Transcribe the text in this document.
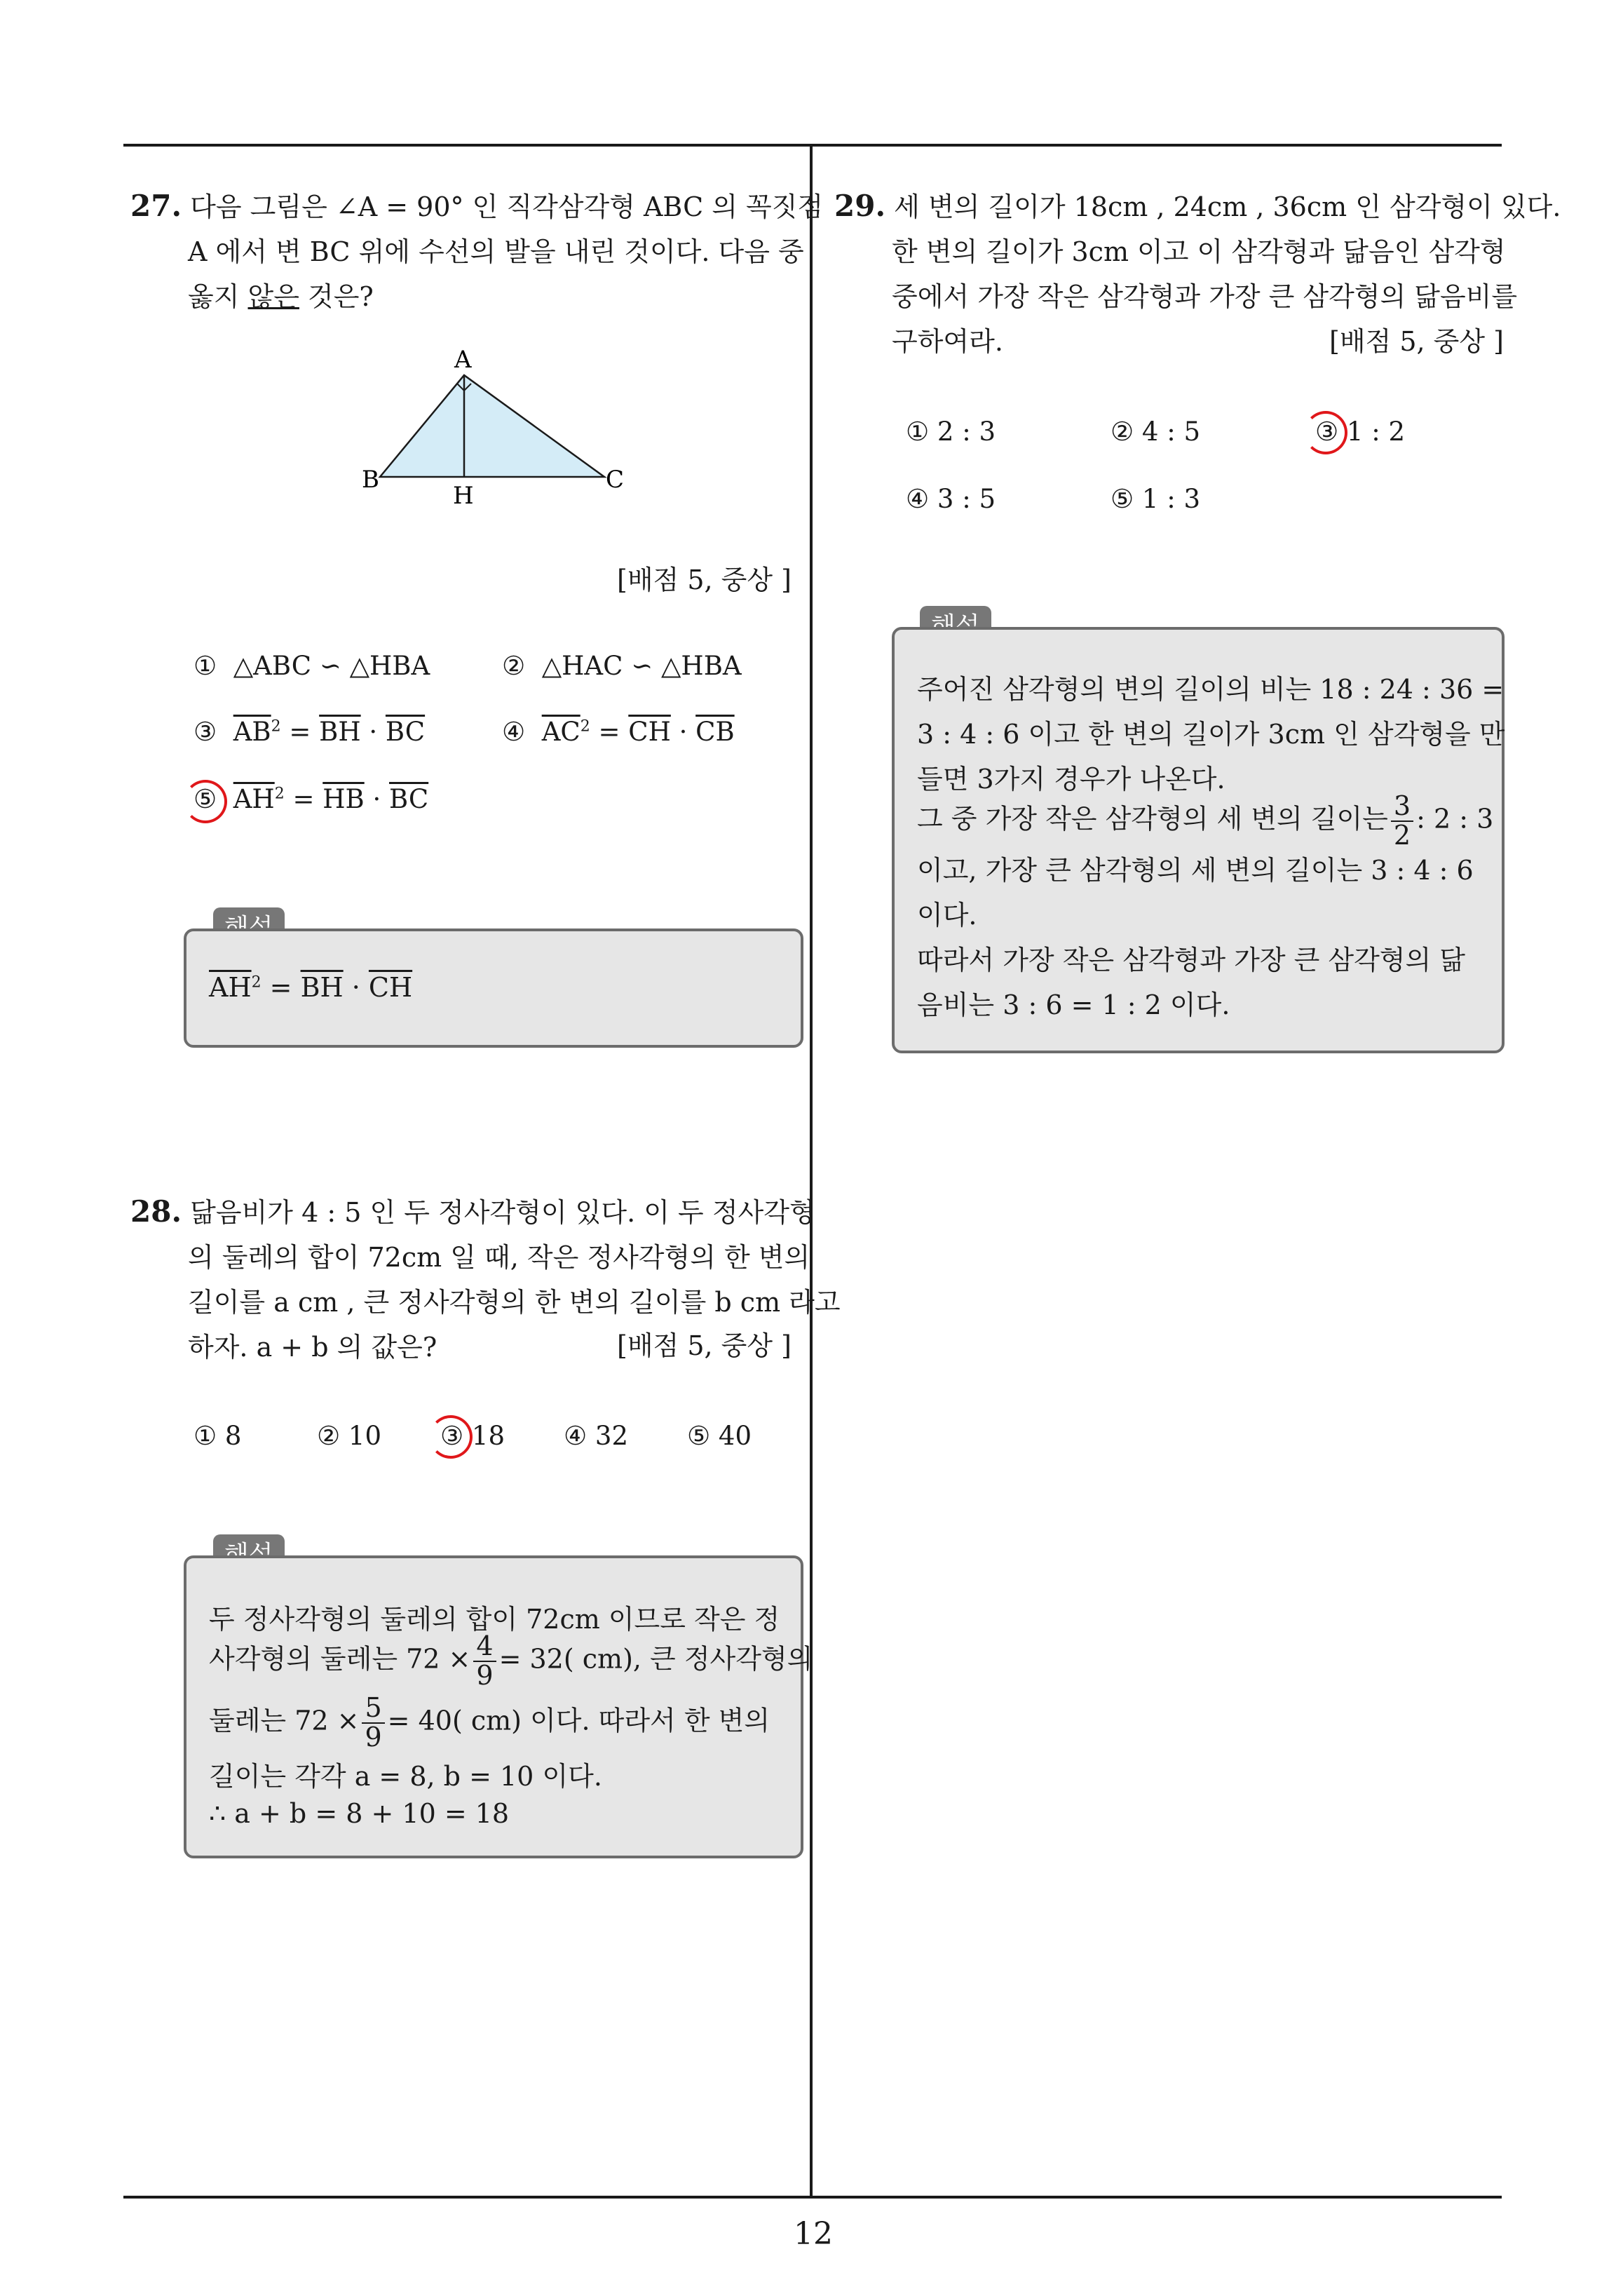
27. 다음 그림은 ∠A = 90° 인 직각삼각형 ABC 의 꼭짓점
A 에서 변 BC 위에 수선의 발을 내린 것이다. 다음 중
옳지 않은 것은?
A
B	C
H
[배점 5, 중상 ]
① △ABC ∽ △HBA	② △HAC ∽ △HBA
③ $\overline{AB}^2 = \overline{BH} \cdot \overline{BC}$	④ $\overline{AC}^2 = \overline{CH} \cdot \overline{CB}$
⑤ $\overline{AH}^2 = \overline{HB} \cdot \overline{BC}$
$\overline{AH}^2 = \overline{BH} \cdot \overline{CH}$
28. 닮음비가 4 : 5 인 두 정사각형이 있다. 이 두 정사각형
의 둘레의 합이 72cm 일 때, 작은 정사각형의 한 변의
길이를 a cm , 큰 정사각형의 한 변의 길이를 b cm 라고
하자. a + b 의 값은?	[배점 5, 중상 ]
① 8	② 10 ③ 18 ④ 32 ⑤ 40
두 정사각형의 둘레의 합이 72cm 이므로 작은 정
사각형의 둘레는 $72 \times \frac{4}{9} = 32$( cm), 큰 정사각형의
둘레는 $72 \times \frac{5}{9} = 40$( cm) 이다. 따라서 한 변의
길이는 각각 a = 8, b = 10 이다.
∴ a + b = 8 + 10 = 18
29. 세 변의 길이가 18cm , 24cm , 36cm 인 삼각형이 있다.
한 변의 길이가 3cm 이고 이 삼각형과 닮음인 삼각형
중에서 가장 작은 삼각형과 가장 큰 삼각형의 닮음비를
구하여라.	[배점 5, 중상 ]
① 2 : 3	② 4 : 5	③ 1 : 2
④ 3 : 5	⑤ 1 : 3
주어진 삼각형의 변의 길이의 비는 18 : 24 : 36 =
3 : 4 : 6 이고 한 변의 길이가 3cm 인 삼각형을 만
들면 3가지 경우가 나온다.
그 중 가장 작은 삼각형의 세 변의 길이는 $\frac{3}{2}$ : 2 : 3
이고, 가장 큰 삼각형의 세 변의 길이는 3 : 4 : 6
이다.
따라서 가장 작은 삼각형과 가장 큰 삼각형의 닮
음비는 3 : 6 = 1 : 2 이다.
12
